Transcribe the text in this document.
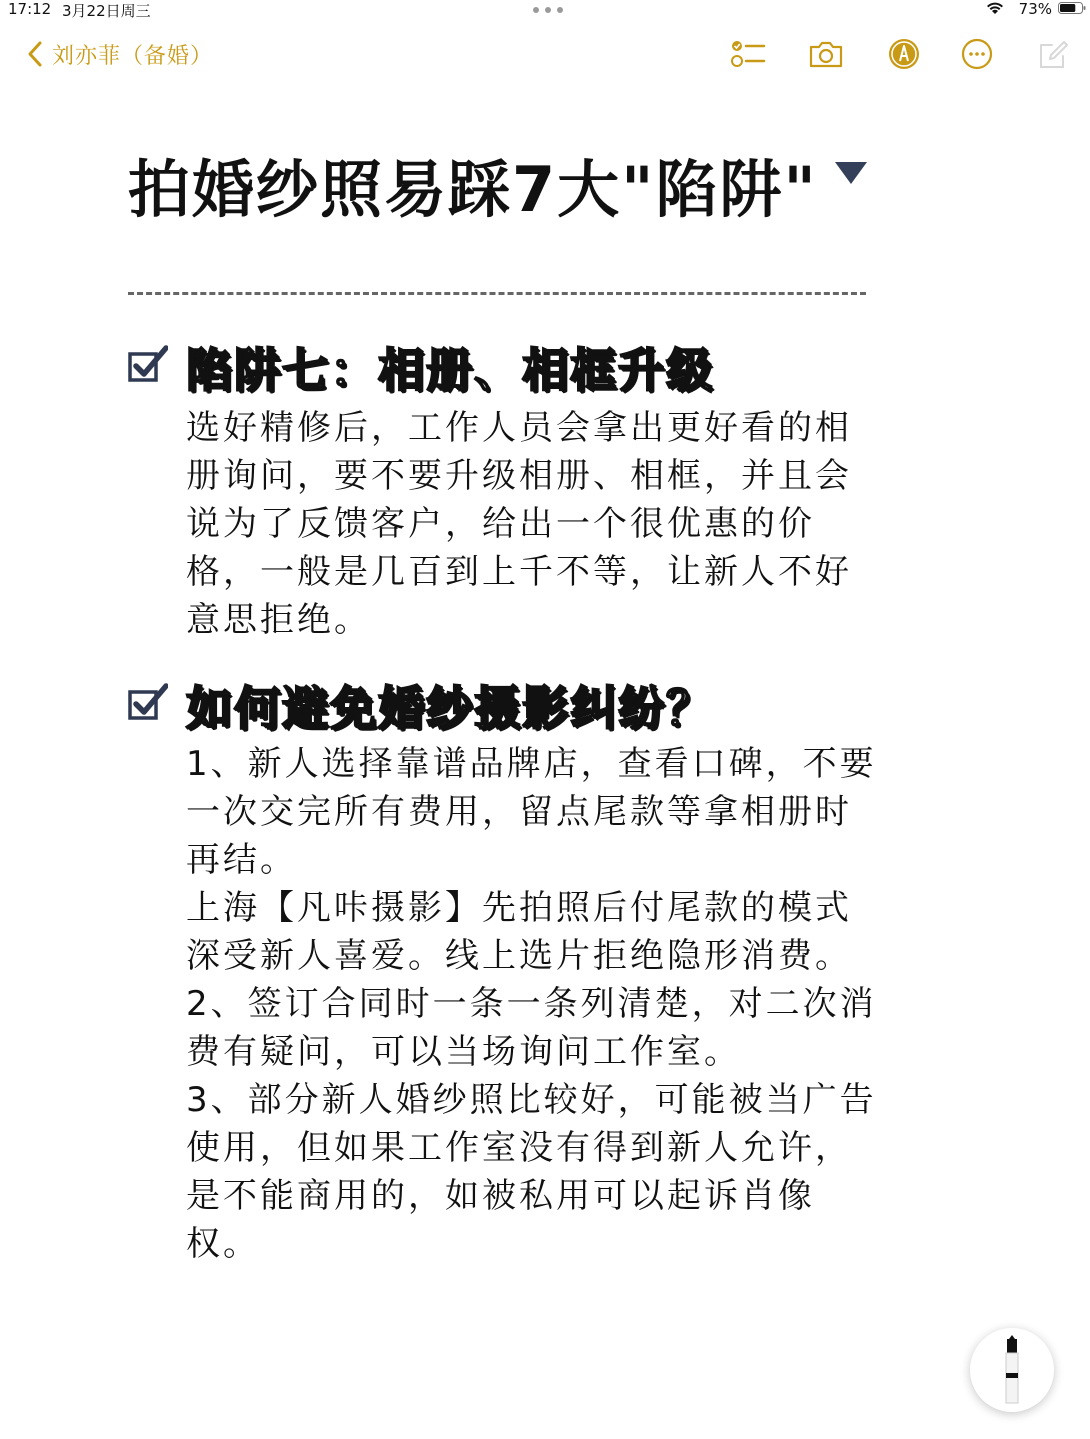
17:12 3月22日周三	73%
刘亦菲（备婚）
拍婚纱照易踩7大"陷阱"
陷阱七：相册、相框升级

选好精修后，工作人员会拿出更好看的相册询问，要不要升级相册、相框，并且会说为了反馈客户，给出一个很优惠的价格，一般是几百到上千不等，让新人不好意思拒绝。

如何避免婚纱摄影纠纷？

1、新人选择靠谱品牌店，查看口碑，不要一次交完所有费用，留点尾款等拿相册时再结。

上海【凡咔摄影】先拍照后付尾款的模式深受新人喜爱。线上选片拒绝隐形消费。

2、签订合同时一条一条列清楚，对二次消费有疑问，可以当场询问工作室。

3、部分新人婚纱照比较好，可能被当广告使用，但如果工作室没有得到新人允许，是不能商用的，如被私用可以起诉肖像权。
